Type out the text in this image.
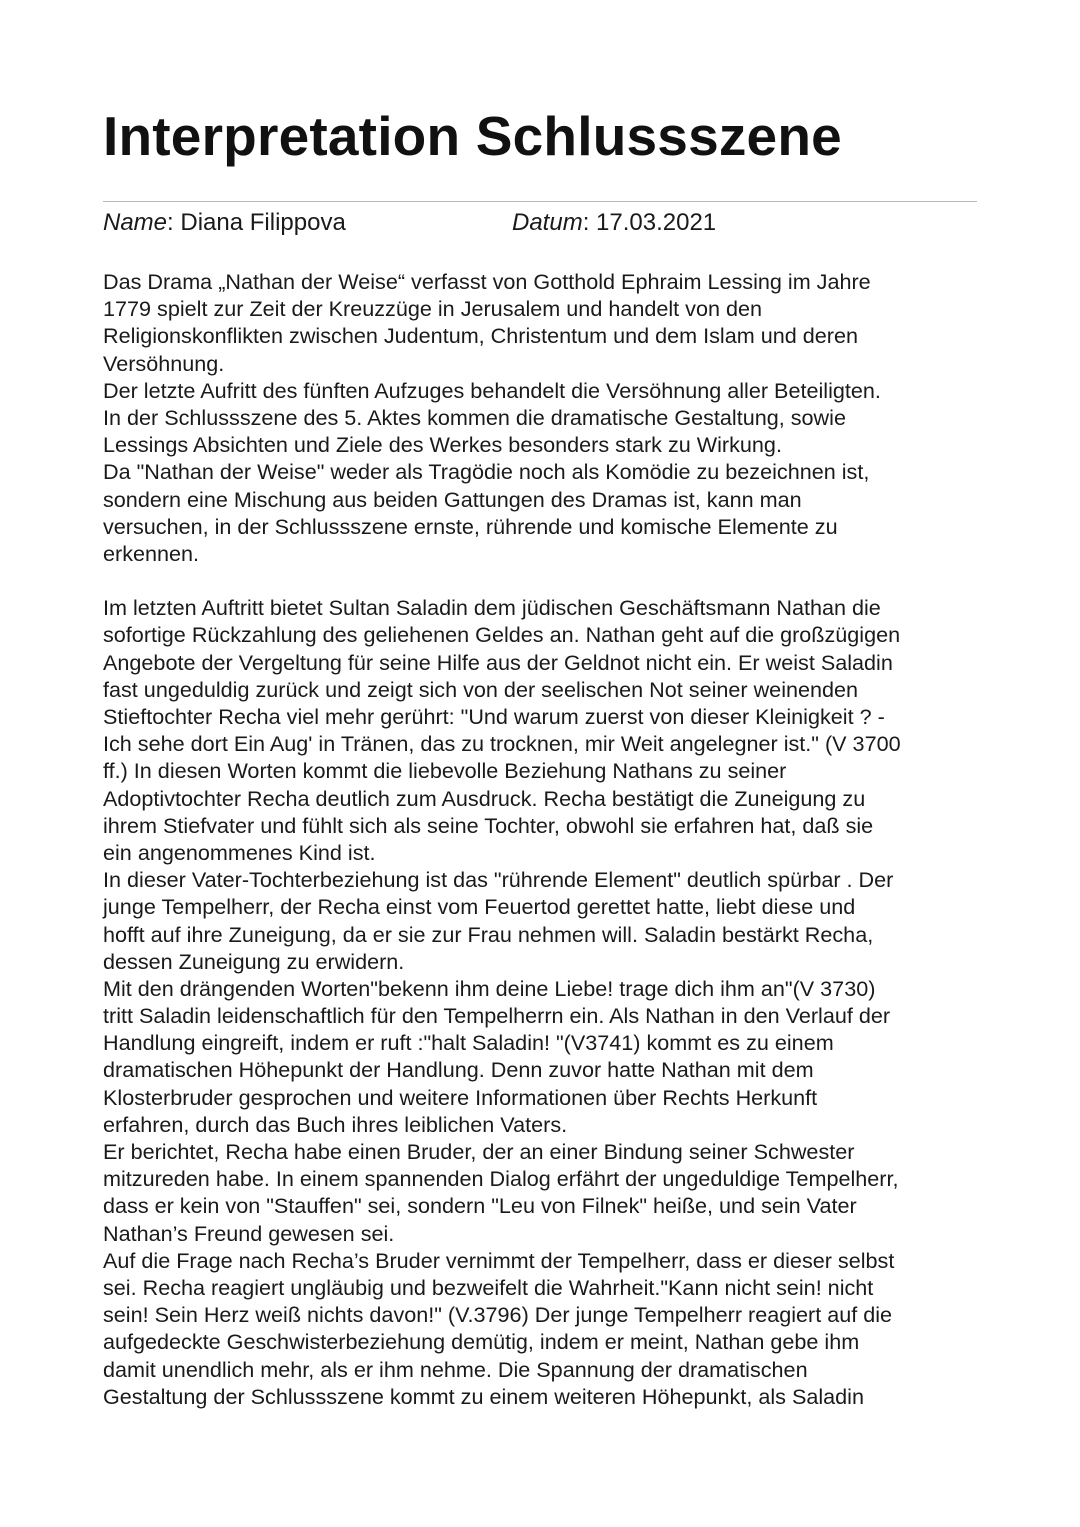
Interpretation Schlussszene
Name: Diana Filippova	Datum: 17.03.2021
Das Drama „Nathan der Weise“ verfasst von Gotthold Ephraim Lessing im Jahre
1779 spielt zur Zeit der Kreuzzüge in Jerusalem und handelt von den
Religionskonflikten zwischen Judentum, Christentum und dem Islam und deren
Versöhnung.
Der letzte Aufritt des fünften Aufzuges behandelt die Versöhnung aller Beteiligten.
In der Schlussszene des 5. Aktes kommen die dramatische Gestaltung, sowie
Lessings Absichten und Ziele des Werkes besonders stark zu Wirkung.
Da "Nathan der Weise" weder als Tragödie noch als Komödie zu bezeichnen ist,
sondern eine Mischung aus beiden Gattungen des Dramas ist, kann man
versuchen, in der Schlussszene ernste, rührende und komische Elemente zu
erkennen.
Im letzten Auftritt bietet Sultan Saladin dem jüdischen Geschäftsmann Nathan die
sofortige Rückzahlung des geliehenen Geldes an. Nathan geht auf die großzügigen
Angebote der Vergeltung für seine Hilfe aus der Geldnot nicht ein. Er weist Saladin
fast ungeduldig zurück und zeigt sich von der seelischen Not seiner weinenden
Stieftochter Recha viel mehr gerührt: "Und warum zuerst von dieser Kleinigkeit ? -
Ich sehe dort Ein Aug' in Tränen, das zu trocknen, mir Weit angelegner ist." (V 3700
ff.) In diesen Worten kommt die liebevolle Beziehung Nathans zu seiner
Adoptivtochter Recha deutlich zum Ausdruck. Recha bestätigt die Zuneigung zu
ihrem Stiefvater und fühlt sich als seine Tochter, obwohl sie erfahren hat, daß sie
ein angenommenes Kind ist.
In dieser Vater-Tochterbeziehung ist das "rührende Element" deutlich spürbar . Der
junge Tempelherr, der Recha einst vom Feuertod gerettet hatte, liebt diese und
hofft auf ihre Zuneigung, da er sie zur Frau nehmen will. Saladin bestärkt Recha,
dessen Zuneigung zu erwidern.
Mit den drängenden Worten"bekenn ihm deine Liebe! trage dich ihm an"(V 3730)
tritt Saladin leidenschaftlich für den Tempelherrn ein. Als Nathan in den Verlauf der
Handlung eingreift, indem er ruft :"halt Saladin! "(V3741) kommt es zu einem
dramatischen Höhepunkt der Handlung. Denn zuvor hatte Nathan mit dem
Klosterbruder gesprochen und weitere Informationen über Rechts Herkunft
erfahren, durch das Buch ihres leiblichen Vaters.
Er berichtet, Recha habe einen Bruder, der an einer Bindung seiner Schwester
mitzureden habe. In einem spannenden Dialog erfährt der ungeduldige Tempelherr,
dass er kein von "Stauffen" sei, sondern "Leu von Filnek" heiße, und sein Vater
Nathan’s Freund gewesen sei.
Auf die Frage nach Recha’s Bruder vernimmt der Tempelherr, dass er dieser selbst
sei. Recha reagiert ungläubig und bezweifelt die Wahrheit."Kann nicht sein! nicht
sein! Sein Herz weiß nichts davon!" (V.3796) Der junge Tempelherr reagiert auf die
aufgedeckte Geschwisterbeziehung demütig, indem er meint, Nathan gebe ihm
damit unendlich mehr, als er ihm nehme. Die Spannung der dramatischen
Gestaltung der Schlussszene kommt zu einem weiteren Höhepunkt, als Saladin
